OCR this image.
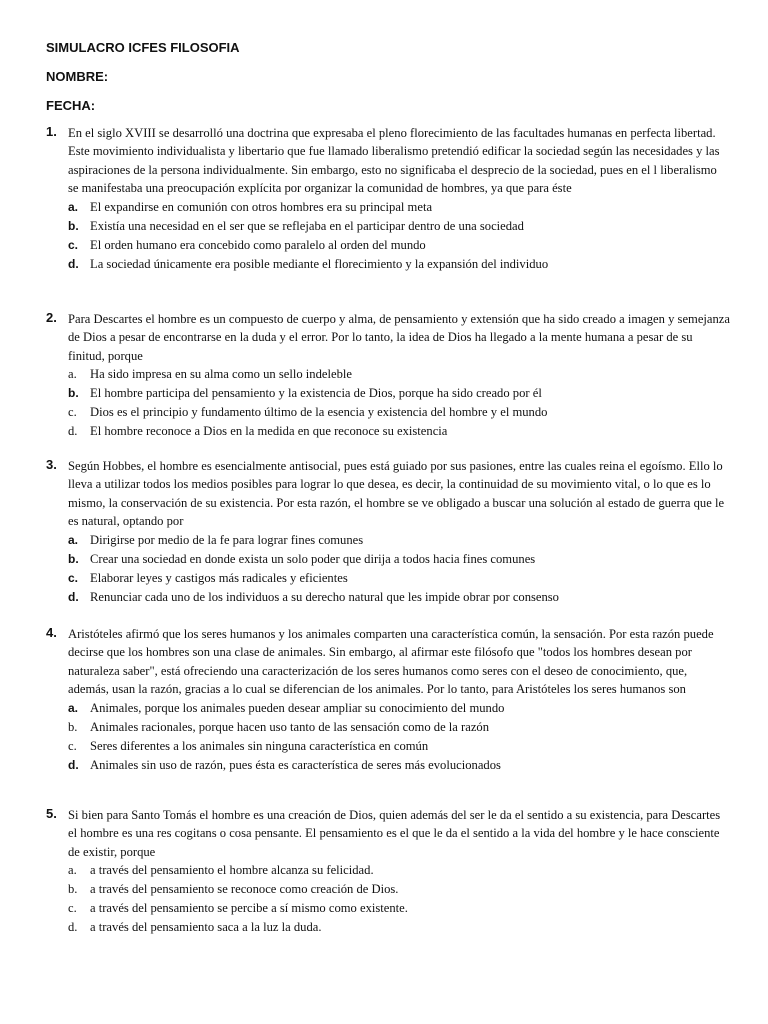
SIMULACRO ICFES FILOSOFIA
NOMBRE:
FECHA:
1. En el siglo XVIII se desarrolló una doctrina que expresaba el pleno florecimiento de las facultades humanas en perfecta libertad. Este movimiento individualista y libertario que fue llamado liberalismo pretendió edificar la sociedad según las necesidades y las aspiraciones de la persona individualmente. Sin embargo, esto no significaba el desprecio de la sociedad, pues en el l liberalismo se manifestaba una preocupación explícita por organizar la comunidad de hombres, ya que para éste
a. El expandirse en comunión con otros hombres era su principal meta
b. Existía una necesidad en el ser que se reflejaba en el participar dentro de una sociedad
c. El orden humano era concebido como paralelo al orden del mundo
d. La sociedad únicamente era posible mediante el florecimiento y la expansión del individuo
2. Para Descartes el hombre es un compuesto de cuerpo y alma, de pensamiento y extensión que ha sido creado a imagen y semejanza de Dios a pesar de encontrarse en la duda y el error. Por lo tanto, la idea de Dios ha llegado a la mente humana a pesar de su finitud, porque
a.	Ha sido impresa en su alma como un sello indeleble
b. El hombre participa del pensamiento y la existencia de Dios, porque ha sido creado por él
c.	Dios es el principio y fundamento último de la esencia y existencia del hombre y el mundo
d. El hombre reconoce a Dios en la medida en que reconoce su existencia
3. Según Hobbes, el hombre es esencialmente antisocial, pues está guiado por sus pasiones, entre las cuales reina el egoísmo. Ello lo lleva a utilizar todos los medios posibles para lograr lo que desea, es decir, la continuidad de su movimiento vital, o lo que es lo mismo, la conservación de su existencia. Por esta razón, el hombre se ve obligado a buscar una solución al estado de guerra que le es natural, optando por
a. Dirigirse por medio de la fe para lograr fines comunes
b. Crear una sociedad en donde exista un solo poder que dirija a todos hacia fines comunes
c. Elaborar leyes y castigos más radicales y eficientes
d. Renunciar cada uno de los individuos a su derecho natural que les impide obrar por consenso
4. Aristóteles afirmó que los seres humanos y los animales comparten una característica común, la sensación. Por esta razón puede decirse que los hombres son una clase de animales. Sin embargo, al afirmar este filósofo que "todos los hombres desean por naturaleza saber", está ofreciendo una caracterización de los seres humanos como seres con el deseo de conocimiento, que, además, usan la razón, gracias a lo cual se diferencian de los animales. Por lo tanto, para Aristóteles los seres humanos son
a. Animales, porque los animales pueden desear ampliar su conocimiento del mundo
b. Animales racionales, porque hacen uso tanto de las sensación como de la razón
c.	Seres diferentes a los animales sin ninguna característica en común
d. Animales sin uso de razón, pues ésta es característica de seres más evolucionados
5. Si bien para Santo Tomás el hombre es una creación de Dios, quien además del ser le da el sentido a su existencia, para Descartes el hombre es una res cogitans o cosa pensante. El pensamiento es el que le da el sentido a la vida del hombre y le hace consciente de existir, porque
a.	a través del pensamiento el hombre alcanza su felicidad.
b. a través del pensamiento se reconoce como creación de Dios.
c.	a través del pensamiento se percibe a sí mismo como existente.
d. a través del pensamiento saca a la luz la duda.
